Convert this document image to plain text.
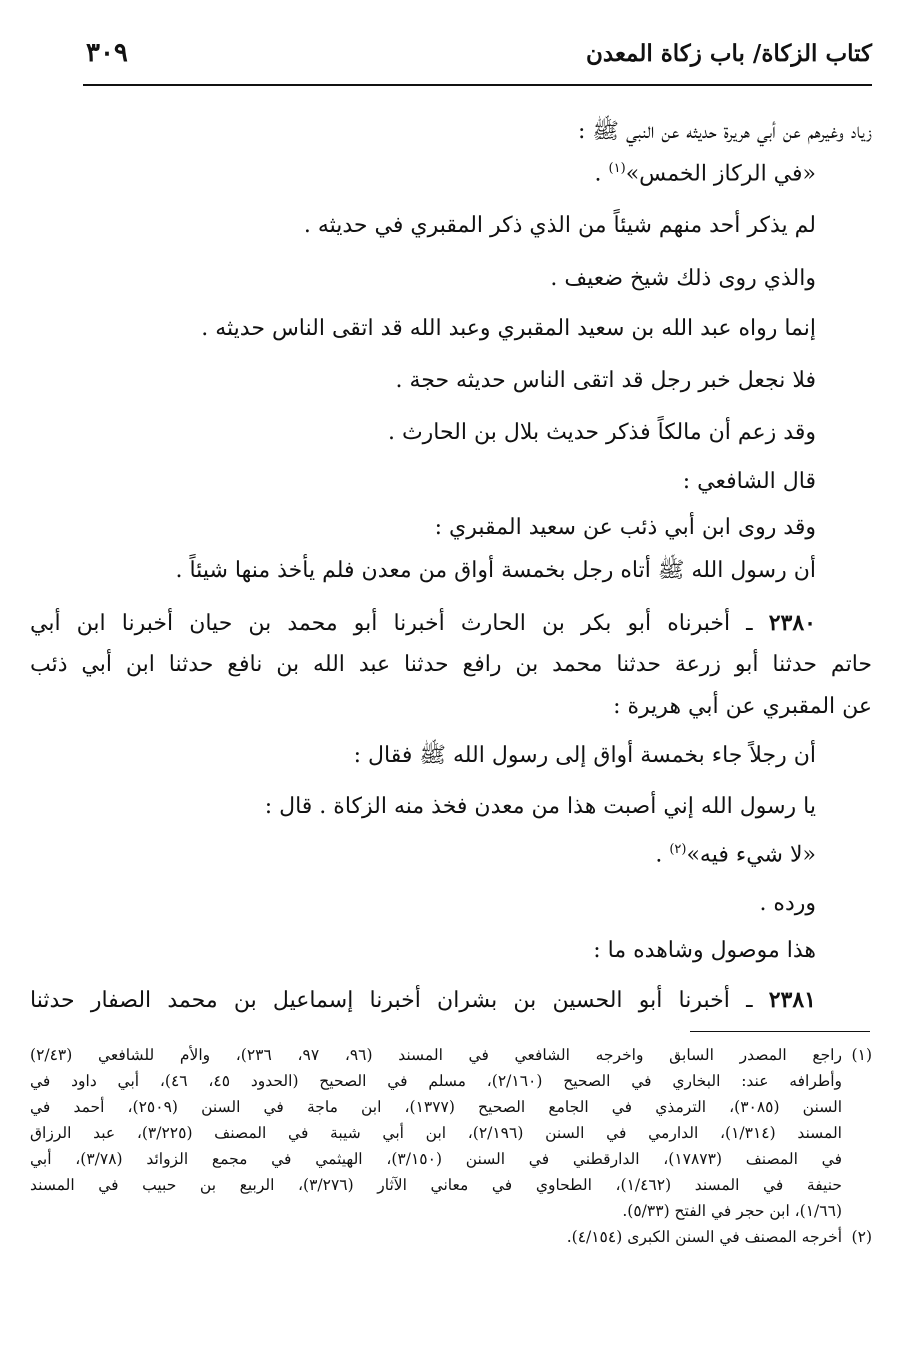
كتاب الزكاة/ باب زكاة المعدن
٣٠٩
زياد وغيرهم عن أبي هريرة حديثه عن النبي ﷺ :
«في الركاز الخمس»$^{(١)}$ .
لم يذكر أحد منهم شيئاً من الذي ذكر المقبري في حديثه .
والذي روى ذلك شيخ ضعيف .
إنما رواه عبد الله بن سعيد المقبري وعبد الله قد اتقى الناس حديثه .
فلا نجعل خبر رجل قد اتقى الناس حديثه حجة .
وقد زعم أن مالكاً فذكر حديث بلال بن الحارث .
قال الشافعي :
وقد روى ابن أبي ذئب عن سعيد المقبري :
أن رسول الله ﷺ أتاه رجل بخمسة أواق من معدن فلم يأخذ منها شيئاً .
٢٣٨٠ ـ أخبرناه أبو بكر بن الحارث أخبرنا أبو محمد بن حيان أخبرنا ابن أبي
حاتم حدثنا أبو زرعة حدثنا محمد بن رافع حدثنا عبد الله بن نافع حدثنا ابن أبي ذئب
عن المقبري عن أبي هريرة :
أن رجلاً جاء بخمسة أواق إلى رسول الله ﷺ فقال :
يا رسول الله إني أصبت هذا من معدن فخذ منه الزكاة . قال :
«لا شيء فيه»$^{(٢)}$ .
ورده .
هذا موصول وشاهده ما :
٢٣٨١ ـ أخبرنا أبو الحسين بن بشران أخبرنا إسماعيل بن محمد الصفار حدثنا
(١)
راجع المصدر السابق واخرجه الشافعي في المسند (٩٦، ٩٧، ٢٣٦)، والأم للشافعي (٢/٤٣)
وأطرافه عند: البخاري في الصحيح (٢/١٦٠)، مسلم في الصحيح (الحدود ٤٥، ٤٦)، أبي داود في
السنن (٣٠٨٥)، الترمذي في الجامع الصحيح (١٣٧٧)، ابن ماجة في السنن (٢٥٠٩)، أحمد في
المسند (١/٣١٤)، الدارمي في السنن (٢/١٩٦)، ابن أبي شيبة في المصنف (٣/٢٢٥)، عبد الرزاق
في المصنف (١٧٨٧٣)، الدارقطني في السنن (٣/١٥٠)، الهيثمي في مجمع الزوائد (٣/٧٨)، أبي
حنيفة في المسند (١/٤٦٢)، الطحاوي في معاني الآثار (٣/٢٧٦)، الربيع بن حبيب في المسند
(١/٦٦)، ابن حجر في الفتح (٥/٣٣).
(٢)
أخرجه المصنف في السنن الكبرى (٤/١٥٤).
